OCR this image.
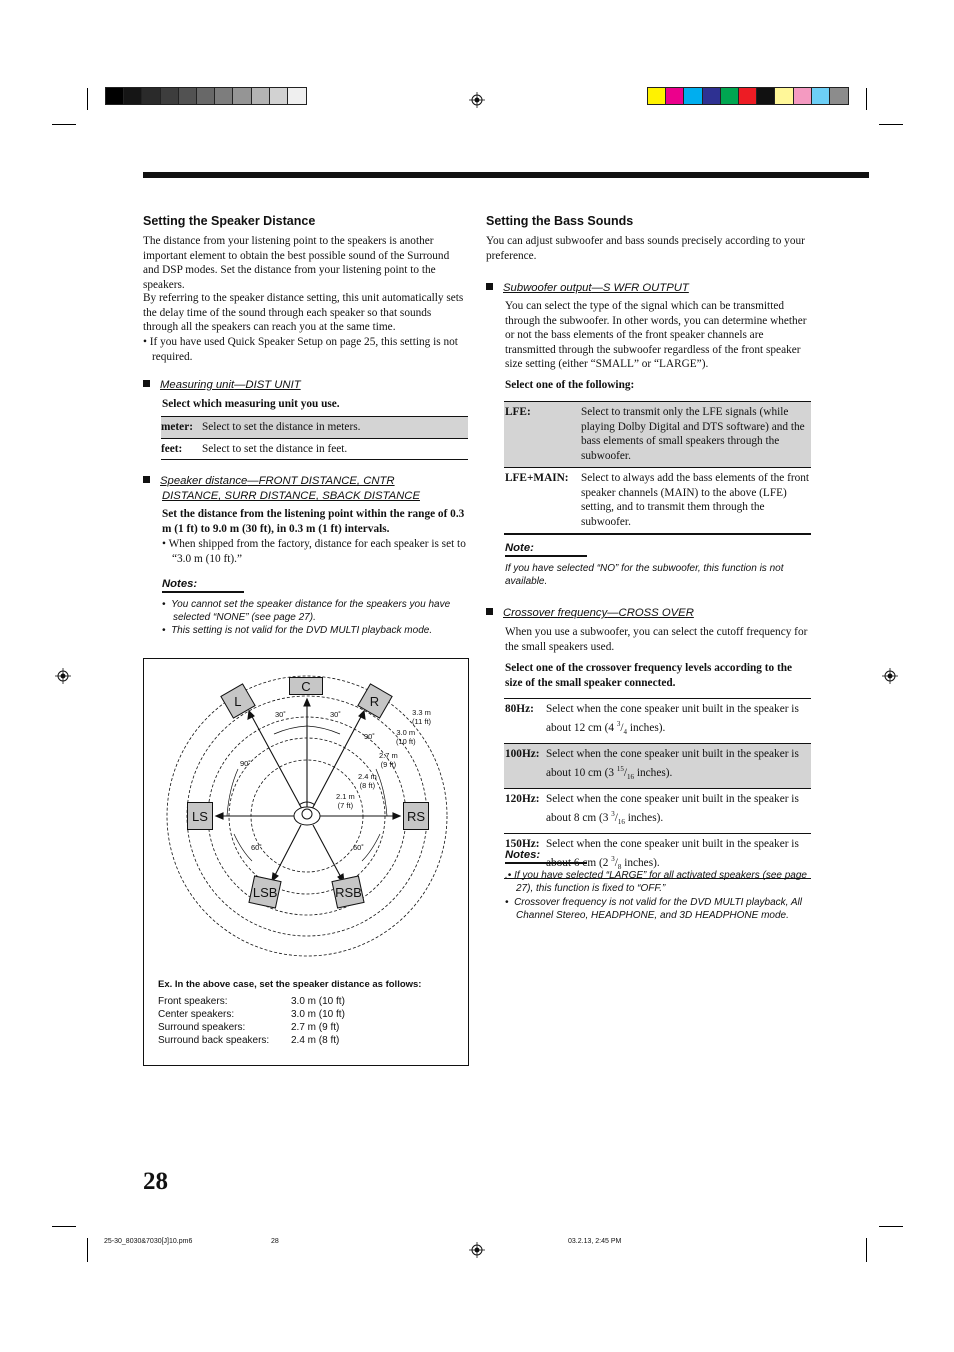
Setting the Speaker Distance

The distance from your listening point to the speakers is another important element to obtain the best possible sound of the Surround and DSP modes. Set the distance from your listening point to the speakers.

By referring to the speaker distance setting, this unit automatically sets the delay time of the sound through each speaker so that sounds through all the speakers can reach you at the same time.

• If you have used Quick Speaker Setup on page 25, this setting is not required.

Measuring unit—DIST UNIT

Select which measuring unit you use.

meter:	Select to set the distance in meters.
feet:	Select to set the distance in feet.
Speaker distance—FRONT DISTANCE, CNTR
DISTANCE, SURR DISTANCE, SBACK DISTANCE

Set the distance from the listening point within the range of 0.3 m (1 ft) to 9.0 m (30 ft), in 0.3 m (1 ft) intervals.

• When shipped from the factory, distance for each speaker is set to “3.0 m (10 ft).”

Notes:
•  You cannot set the speaker distance for the speakers you have selected “NONE” (see page 27).
•  This setting is not valid for the DVD MULTI playback mode.
C
L	R
LS	RS
LSB	RSB
30˚	30˚
90˚
90˚
60˚	60˚
3.3 m
(11 ft)
3.0 m
(10 ft)
2.7 m
(9 ft)
2.4 m
(8 ft)
2.1 m
(7 ft)
Ex. In the above case, set the speaker distance as follows:
Front speakers:	3.0 m (10 ft)
Center speakers:	3.0 m (10 ft)
Surround speakers:	2.7 m (9 ft)
Surround back speakers: 2.4 m (8 ft)
Setting the Bass Sounds

You can adjust subwoofer and bass sounds precisely according to your preference.

Subwoofer output—S WFR OUTPUT

You can select the type of the signal which can be transmitted through the subwoofer. In other words, you can determine whether or not the bass elements of the front speaker channels are transmitted through the subwoofer regardless of the front speaker size setting (either “SMALL” or “LARGE”).

Select one of the following:

LFE:	Select to transmit only the LFE signals (while playing Dolby Digital and DTS software) and the bass elements of small speakers through the subwoofer.
LFE+MAIN:	Select to always add the bass elements of the front speaker channels (MAIN) to the above (LFE) setting, and to transmit them through the subwoofer.
Note:
If you have selected “NO” for the subwoofer, this function is not available.
Crossover frequency—CROSS OVER

When you use a subwoofer, you can select the cutoff frequency for the small speakers used.

Select one of the crossover frequency levels according to the size of the small speaker connected.

80Hz:	Select when the cone speaker unit built in the speaker is
about 12 cm (4 $^3/_4$ inches).
100Hz:	Select when the cone speaker unit built in the speaker is
about 10 cm (3 $^{15}/_{16}$ inches).
120Hz:	Select when the cone speaker unit built in the speaker is
about 8 cm (3 $^3/_{16}$ inches).
150Hz:	Select when the cone speaker unit built in the speaker is
about 6 cm (2 $^3/_8$ inches).
Notes:
.• If you have selected “LARGE” for all activated speakers (see page 27), this function is fixed to “OFF.”
•  Crossover frequency is not valid for the DVD MULTI playback, All Channel Stereo, HEADPHONE, and 3D HEADPHONE mode.
28
25-30_8030&7030[J]10.pm6	28	03.2.13, 2:45 PM
